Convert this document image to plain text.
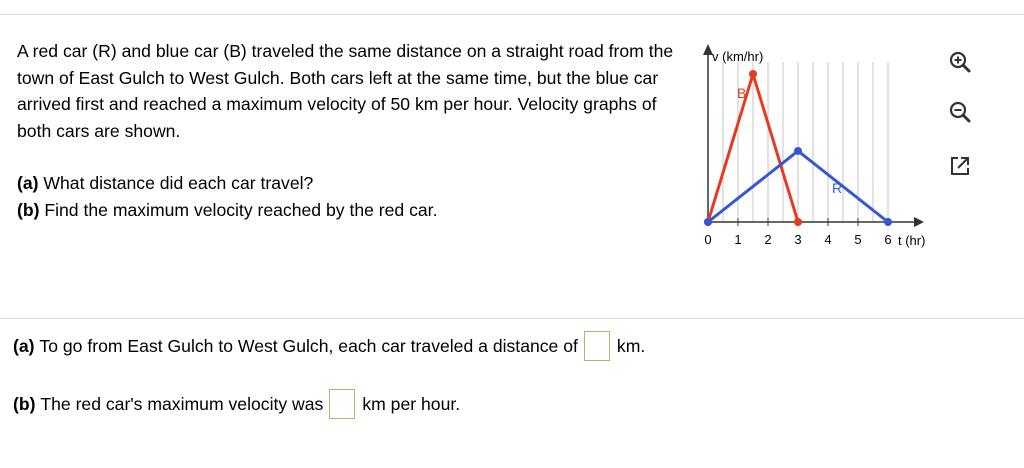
A red car (R) and blue car (B) traveled the same distance on a straight road from the town of East Gulch to West Gulch. Both cars left at the same time, but the blue car arrived first and reached a maximum velocity of 50 km per hour. Velocity graphs of both cars are shown.

(a) What distance did each car travel?

(b) Find the maximum velocity reached by the red car.

B
R
v (km/hr)
t (hr)
0 1 2 3 4 5 6
(a)
To go from East Gulch to West Gulch, each car traveled a distance of km.
(b)
The red car's maximum velocity was km per hour.
